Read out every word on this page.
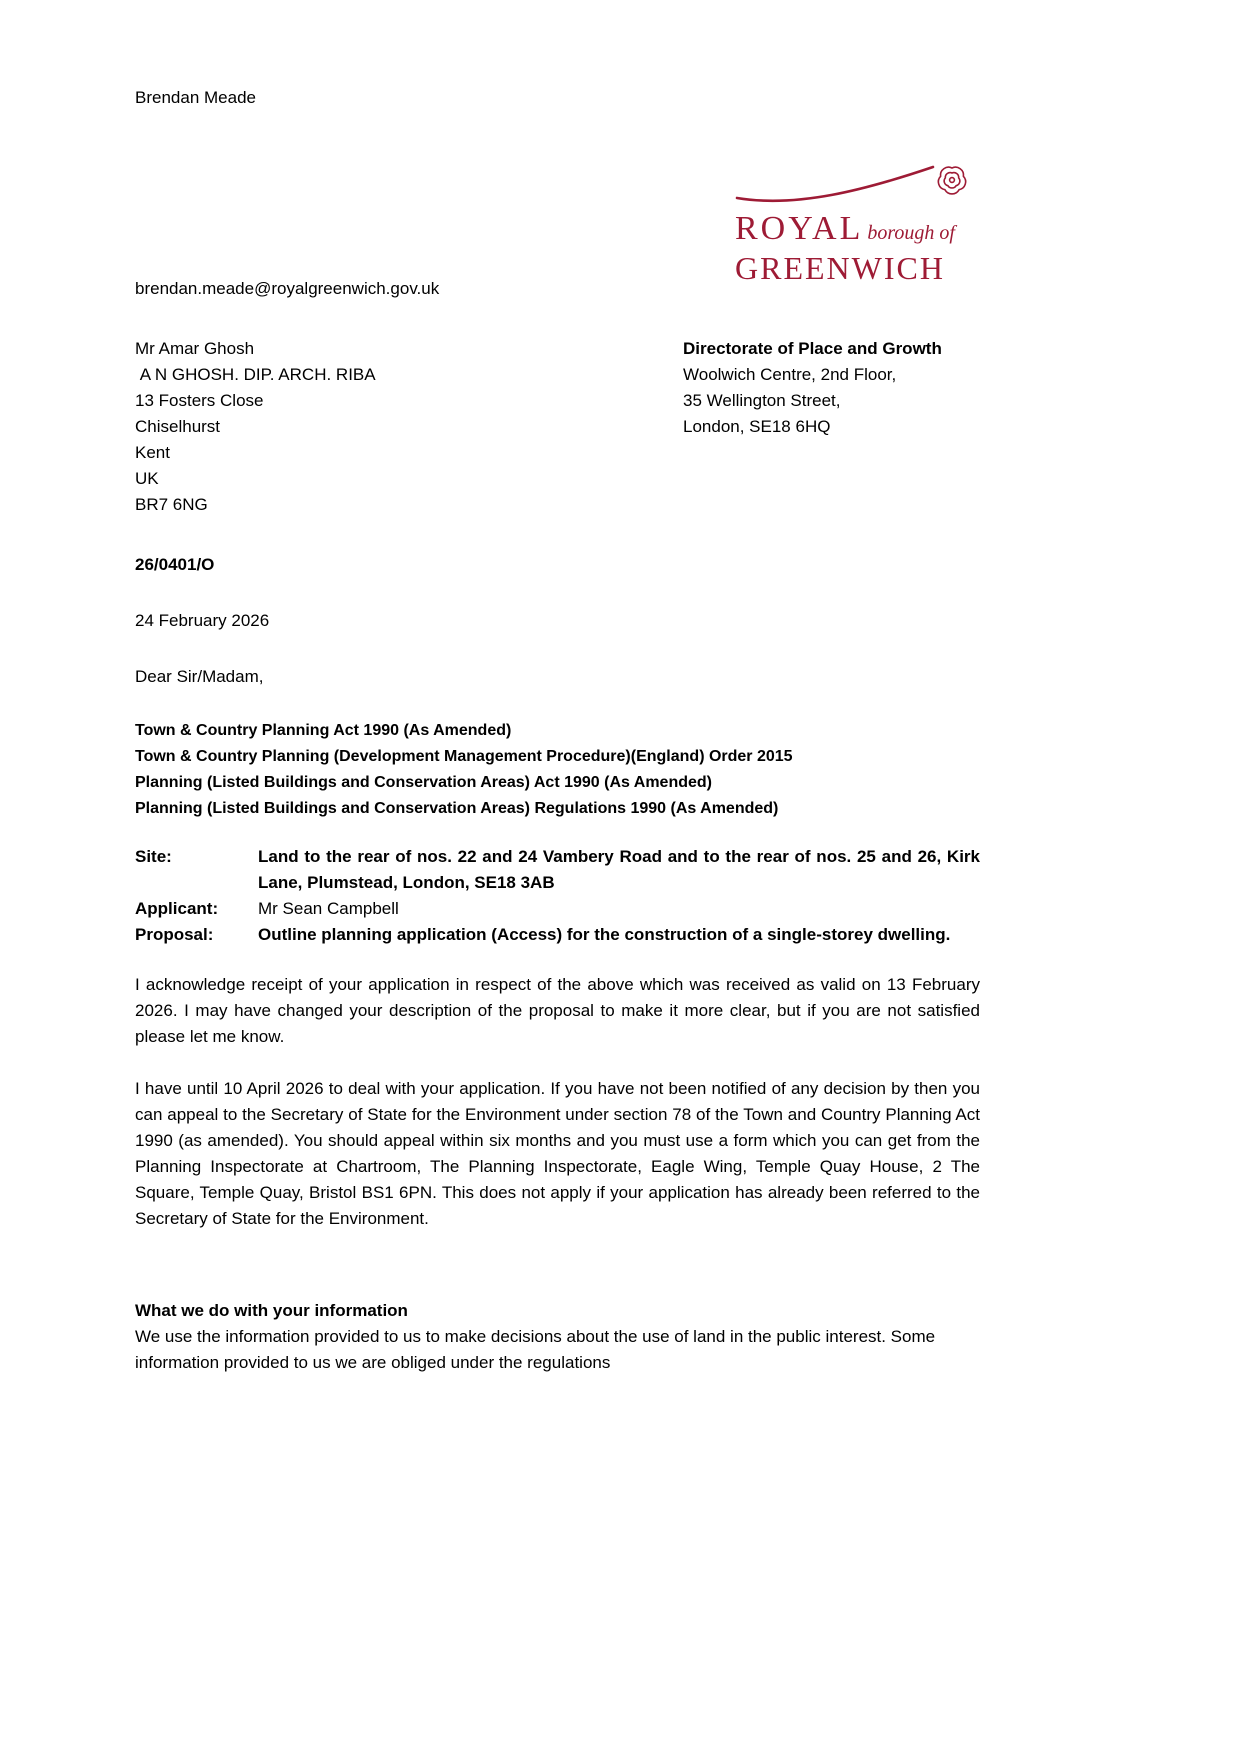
Brendan Meade
ROYAL borough of
GREENWICH
brendan.meade@royalgreenwich.gov.uk
Mr Amar Ghosh
A N GHOSH. DIP. ARCH. RIBA
13 Fosters Close
Chiselhurst
Kent
UK
BR7 6NG
Directorate of Place and Growth
Woolwich Centre, 2nd Floor,
35 Wellington Street,
London, SE18 6HQ
26/0401/O
24 February 2026
Dear Sir/Madam,
Town & Country Planning Act 1990 (As Amended)
Town & Country Planning (Development Management Procedure)(England) Order 2015
Planning (Listed Buildings and Conservation Areas) Act 1990 (As Amended)
Planning (Listed Buildings and Conservation Areas) Regulations 1990 (As Amended)
Site:	Land to the rear of nos. 22 and 24 Vambery Road and to the rear of nos. 25 and 26, Kirk Lane, Plumstead, London, SE18 3AB
Applicant:	Mr Sean Campbell
Proposal:	Outline planning application (Access) for the construction of a single-storey dwelling.

I acknowledge receipt of your application in respect of the above which was received as valid on 13 February 2026. I may have changed your description of the proposal to make it more clear, but if you are not satisfied please let me know.

I have until 10 April 2026 to deal with your application. If you have not been notified of any decision by then you can appeal to the Secretary of State for the Environment under section 78 of the Town and Country Planning Act 1990 (as amended). You should appeal within six months and you must use a form which you can get from the Planning Inspectorate at Chartroom, The Planning Inspectorate, Eagle Wing, Temple Quay House, 2 The Square, Temple Quay, Bristol BS1 6PN. This does not apply if your application has already been referred to the Secretary of State for the Environment.

What we do with your information

We use the information provided to us to make decisions about the use of land in the public interest. Some information provided to us we are obliged under the regulations
